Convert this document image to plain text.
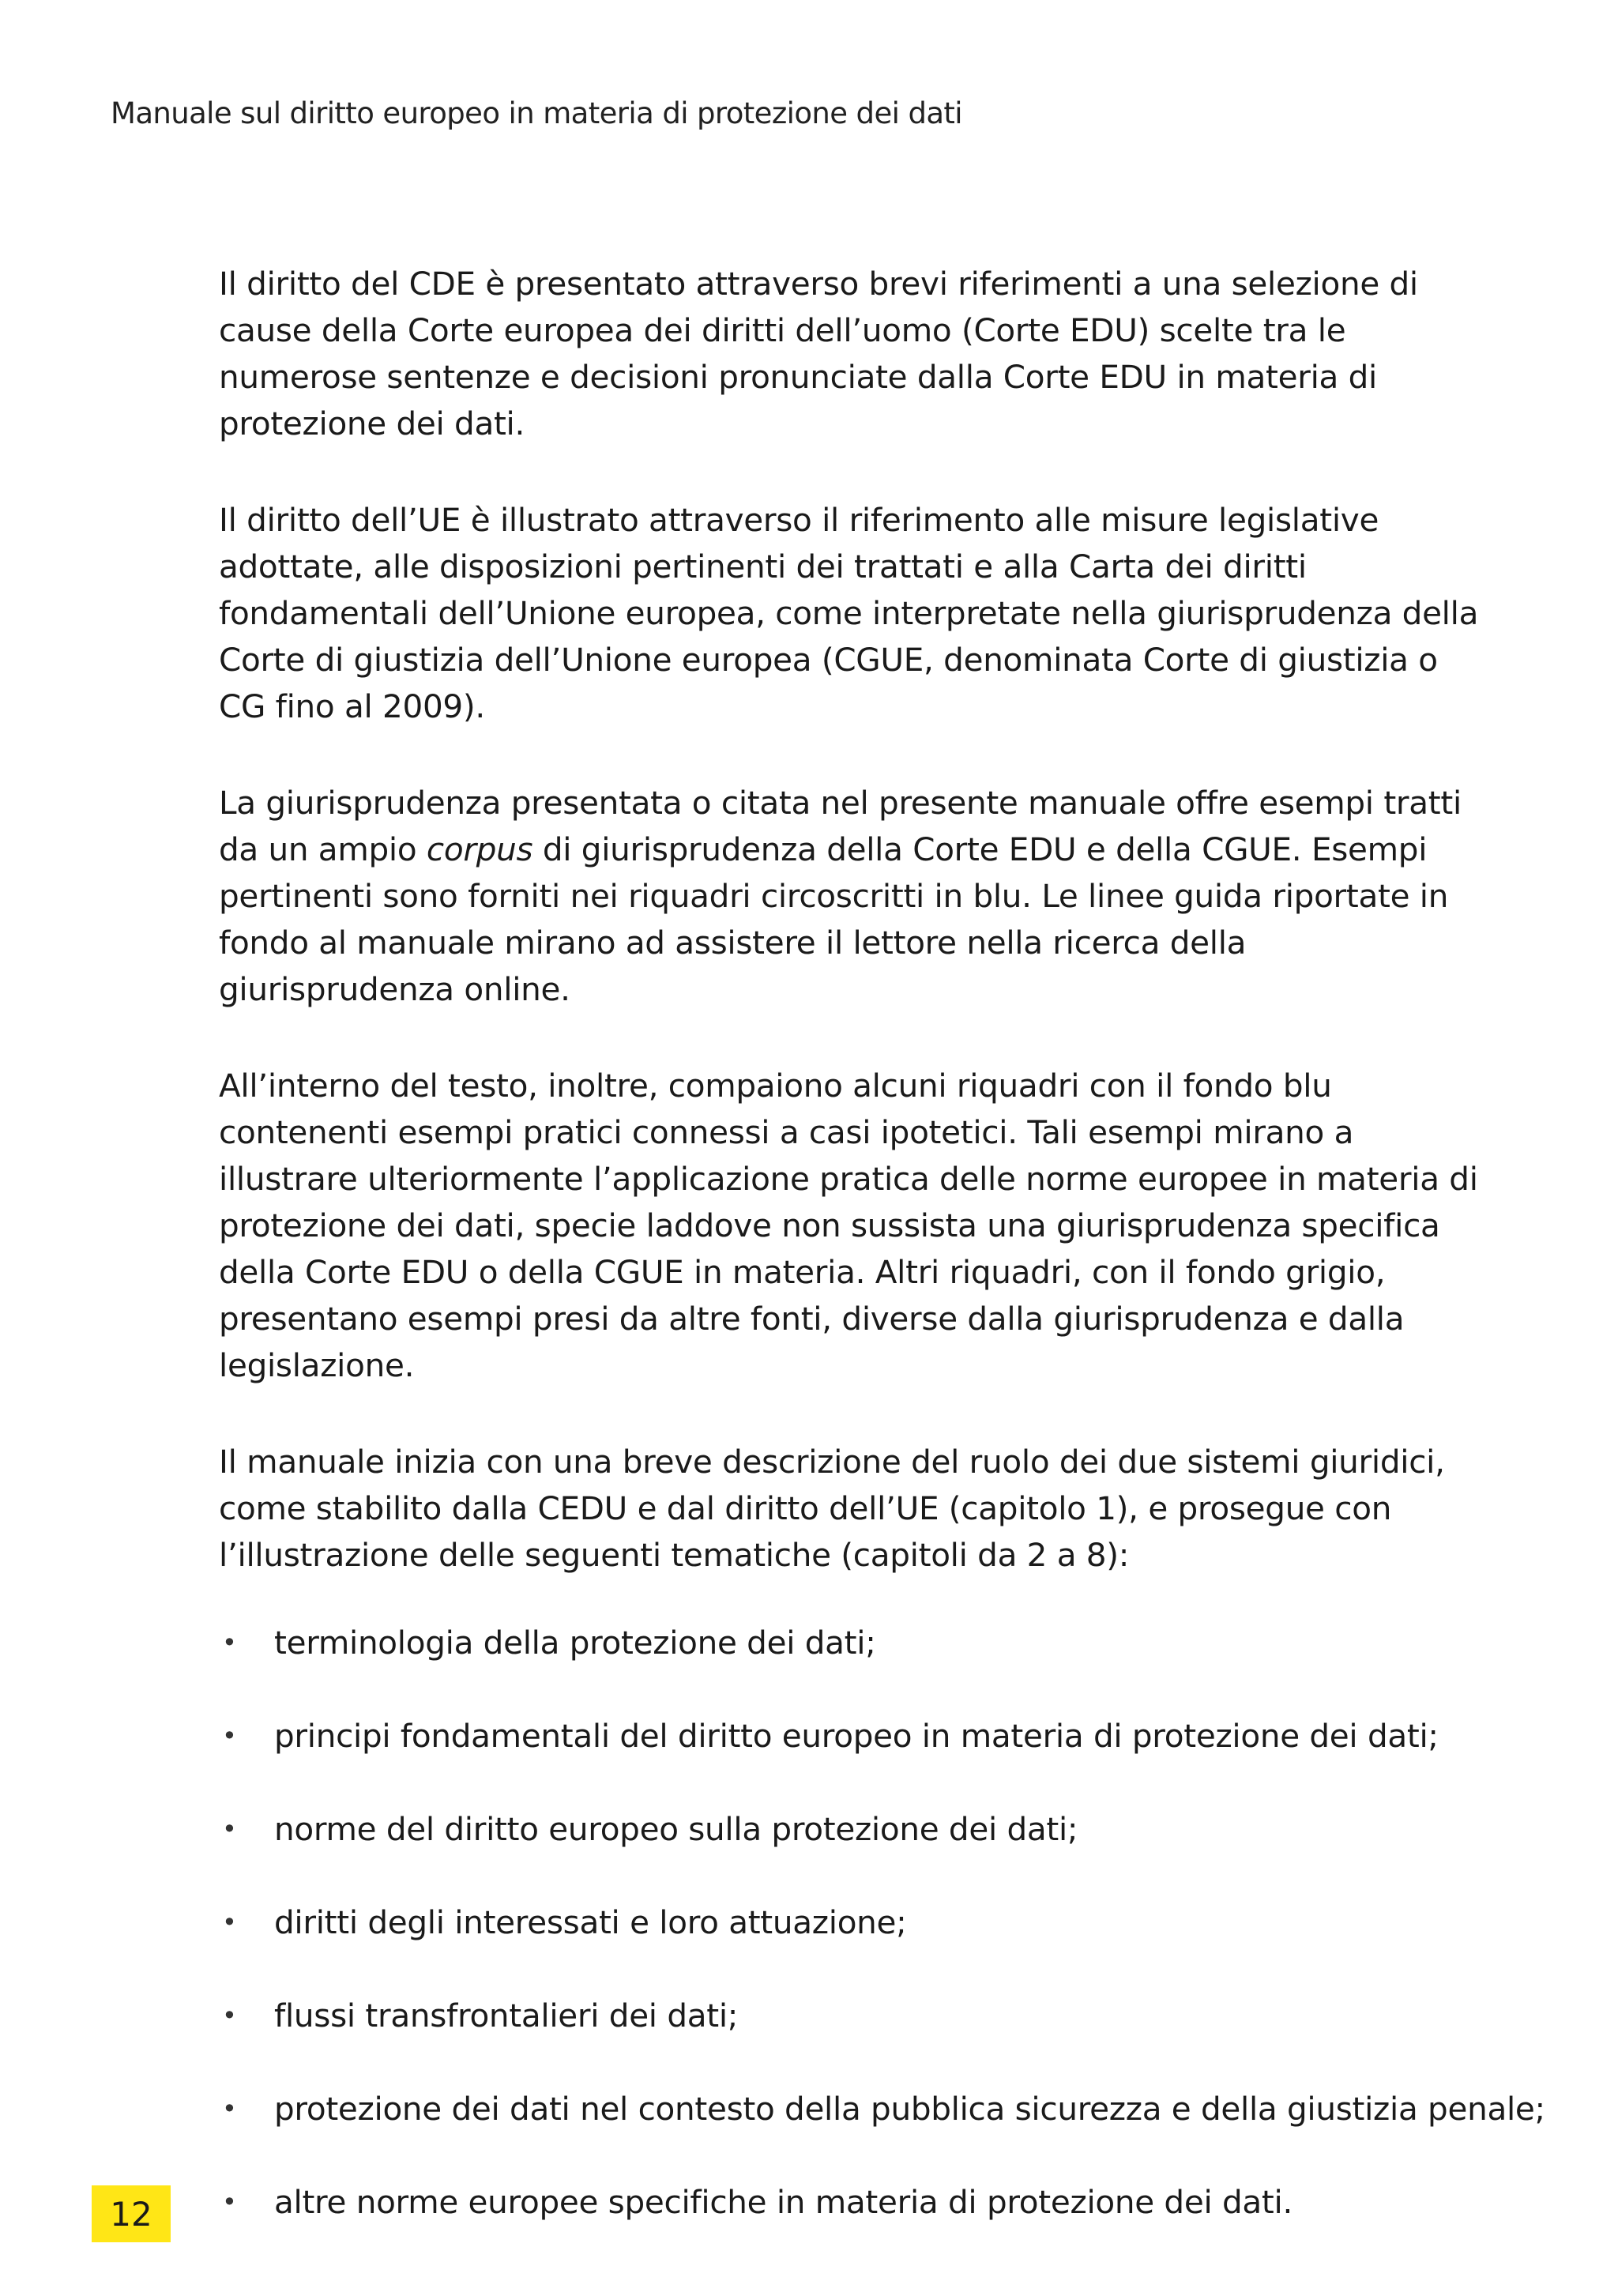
Manuale sul diritto europeo in materia di protezione dei dati

Il diritto del CDE è presentato attraverso brevi riferimenti a una selezione di cause della Corte europea dei diritti dell’uomo (Corte EDU) scelte tra le numerose sentenze e decisioni pronunciate dalla Corte EDU in materia di protezione dei dati.

Il diritto dell’UE è illustrato attraverso il riferimento alle misure legislative adottate, alle disposizioni pertinenti dei trattati e alla Carta dei diritti fondamentali dell’Unione europea, come interpretate nella giurisprudenza della Corte di giustizia dell’Unione europea (CGUE, denominata Corte di giustizia o CG fino al 2009).

La giurisprudenza presentata o citata nel presente manuale offre esempi tratti da un ampio corpus di giurisprudenza della Corte EDU e della CGUE. Esempi pertinenti sono forniti nei riquadri circoscritti in blu. Le linee guida riportate in fondo al manuale mirano ad assistere il lettore nella ricerca della giurisprudenza online.

All’interno del testo, inoltre, compaiono alcuni riquadri con il fondo blu contenenti esempi pratici connessi a casi ipotetici. Tali esempi mirano a illustrare ulteriormente l’applicazione pratica delle norme europee in materia di protezione dei dati, specie laddove non sussista una giurisprudenza specifica della Corte EDU o della CGUE in materia. Altri riquadri, con il fondo grigio, presentano esempi presi da altre fonti, diverse dalla giurisprudenza e dalla legislazione.

Il manuale inizia con una breve descrizione del ruolo dei due sistemi giuridici, come stabilito dalla CEDU e dal diritto dell’UE (capitolo 1), e prosegue con l’illustrazione delle seguenti tematiche (capitoli da 2 a 8):

• terminologia della protezione dei dati;
• principi fondamentali del diritto europeo in materia di protezione dei dati;
• norme del diritto europeo sulla protezione dei dati;
• diritti degli interessati e loro attuazione;
• flussi transfrontalieri dei dati;
• protezione dei dati nel contesto della pubblica sicurezza e della giustizia penale;
• altre norme europee specifiche in materia di protezione dei dati.
12
